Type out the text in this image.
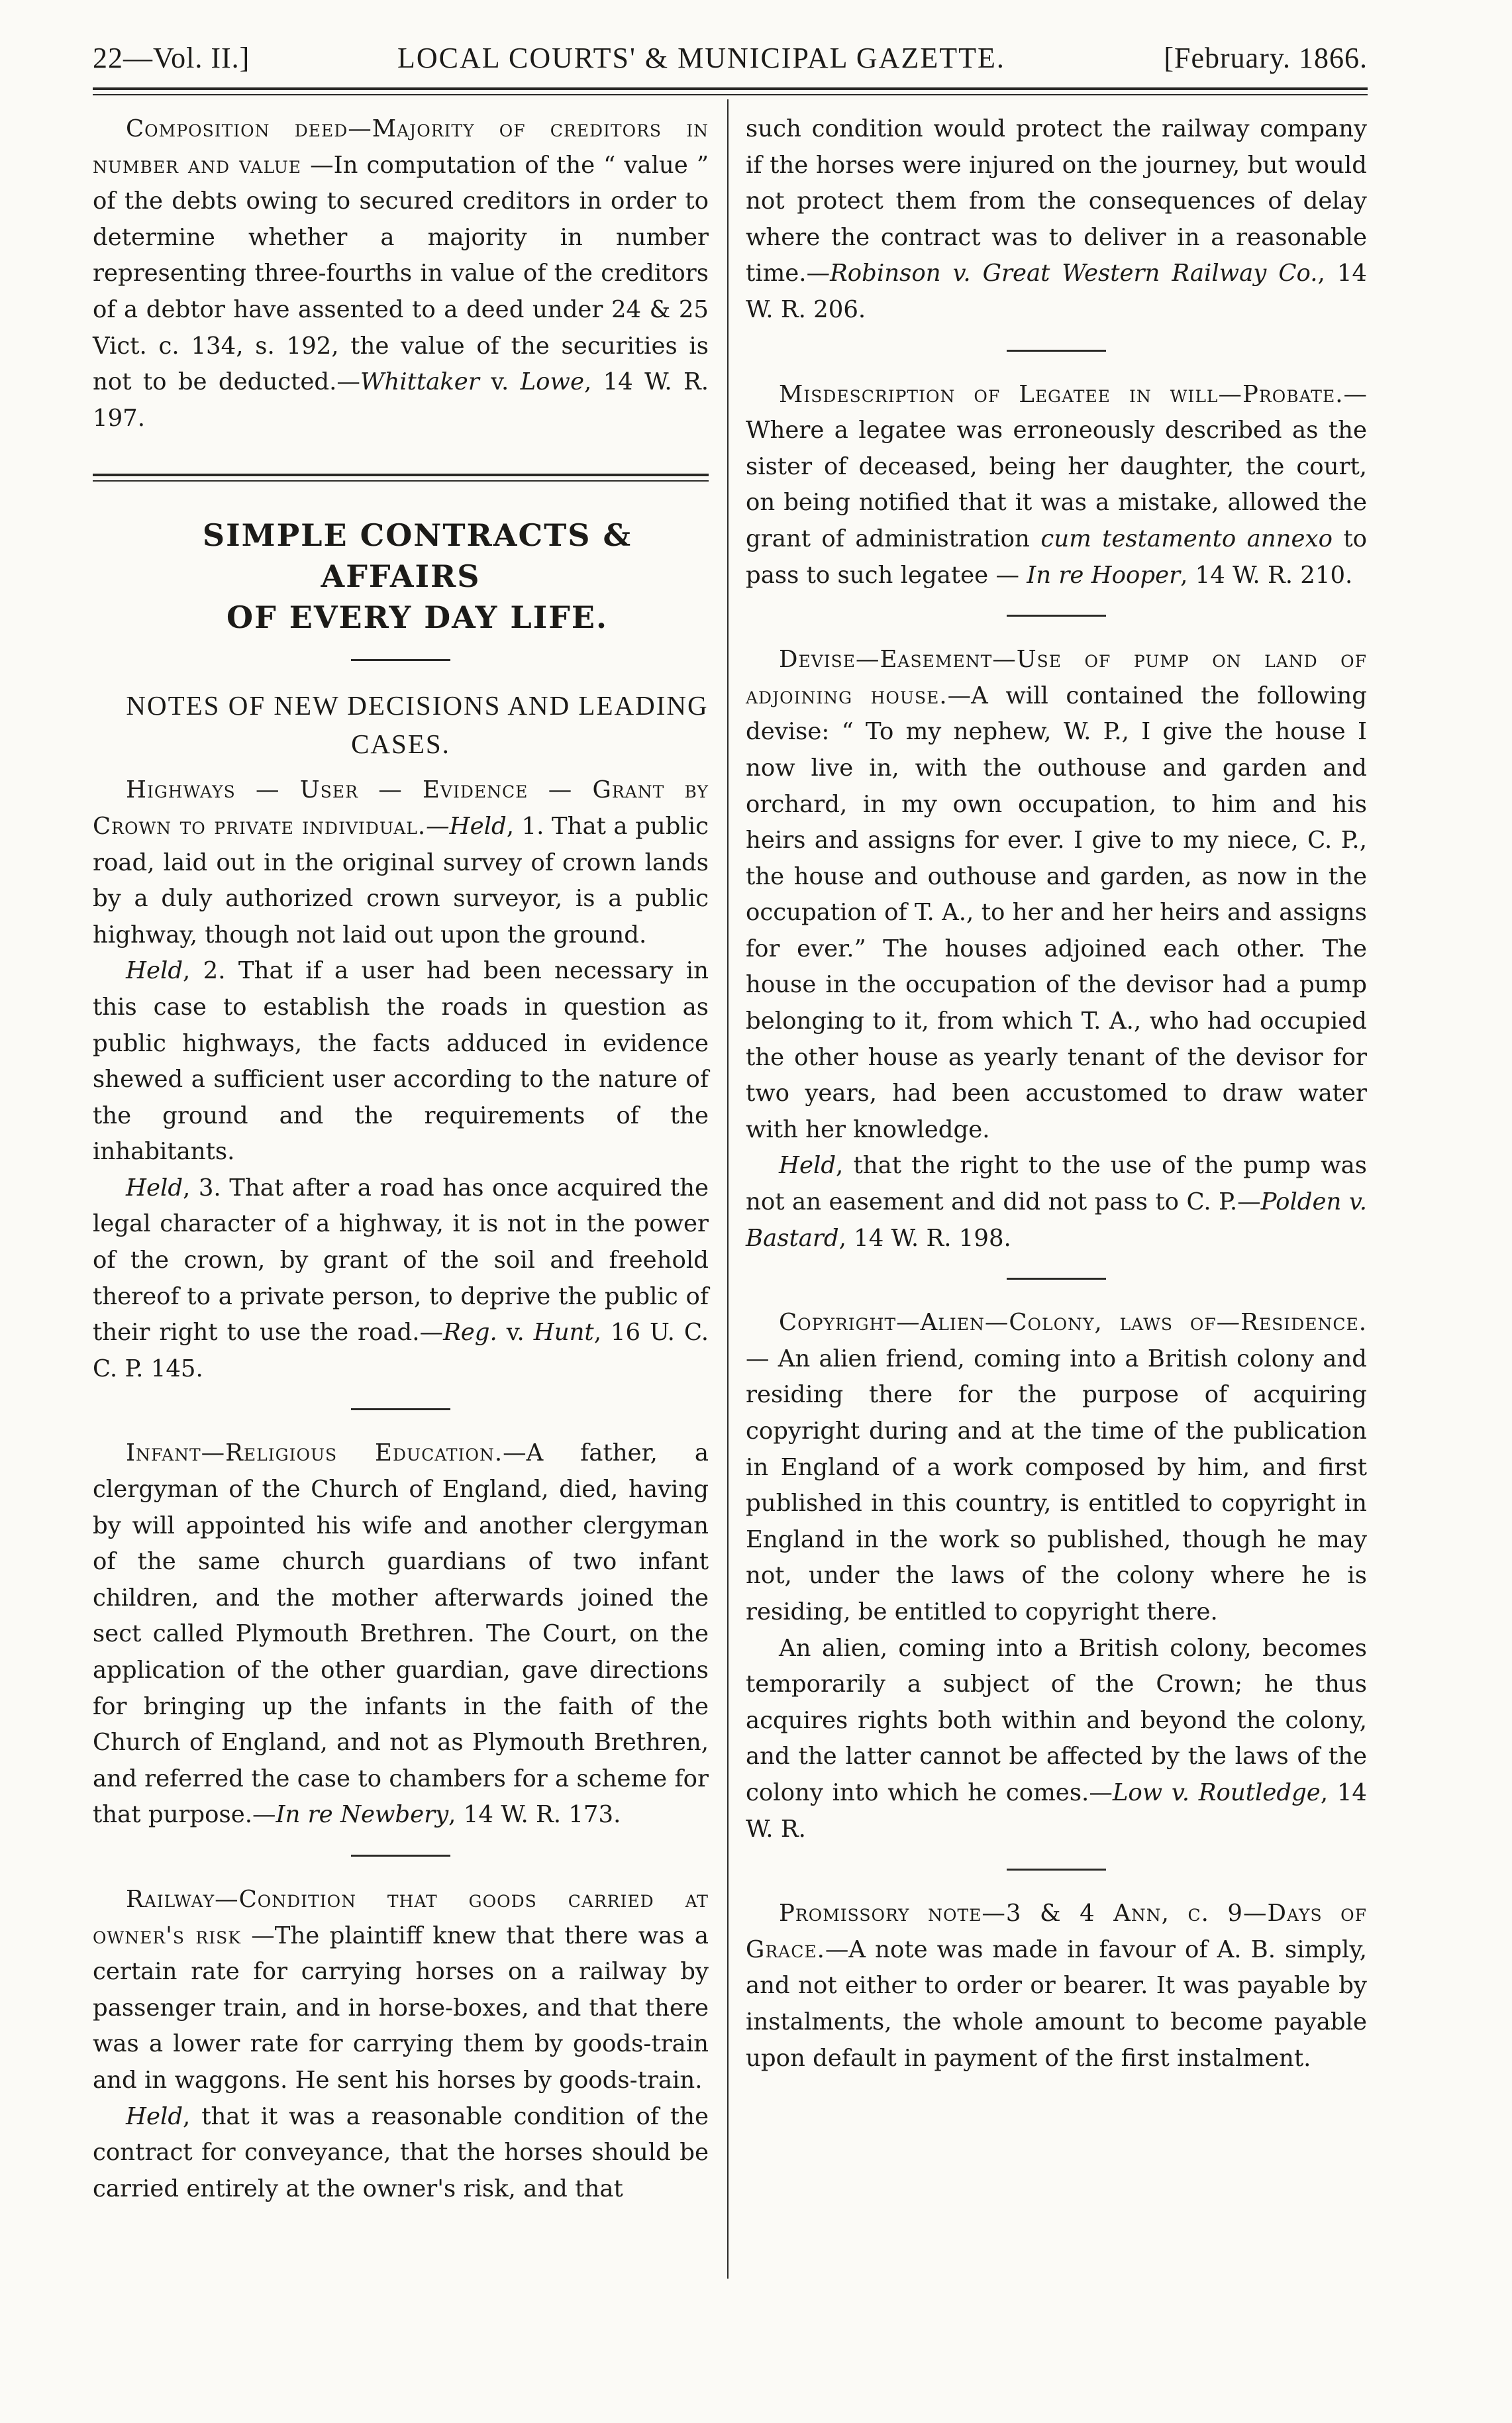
22—Vol. II.]	LOCAL COURTS' & MUNICIPAL GAZETTE.	[February. 1866.

Composition deed—Majority of creditors in number and value —In computation of the “ value ” of the debts owing to secured creditors in order to determine whether a majority in number representing three-fourths in value of the creditors of a debtor have assented to a deed under 24 & 25 Vict. c. 134, s. 192, the value of the securities is not to be deducted.—Whittaker v. Lowe, 14 W. R. 197.

SIMPLE CONTRACTS & AFFAIRS

OF EVERY DAY LIFE.

NOTES OF NEW DECISIONS AND LEADING CASES.

Highways — User — Evidence — Grant by Crown to private individual.—Held, 1. That a public road, laid out in the original survey of crown lands by a duly authorized crown surveyor, is a public highway, though not laid out upon the ground.

Held, 2. That if a user had been necessary in this case to establish the roads in question as public highways, the facts adduced in evidence shewed a sufficient user according to the nature of the ground and the requirements of the inhabitants.

Held, 3. That after a road has once acquired the legal character of a highway, it is not in the power of the crown, by grant of the soil and freehold thereof to a private person, to deprive the public of their right to use the road.—Reg. v. Hunt, 16 U. C. C. P. 145.

Infant—Religious Education.—A father, a clergyman of the Church of England, died, having by will appointed his wife and another clergyman of the same church guardians of two infant children, and the mother afterwards joined the sect called Plymouth Brethren. The Court, on the application of the other guardian, gave directions for bringing up the infants in the faith of the Church of England, and not as Plymouth Brethren, and referred the case to chambers for a scheme for that purpose.—In re Newbery, 14 W. R. 173.

Railway—Condition that goods carried at owner's risk —The plaintiff knew that there was a certain rate for carrying horses on a railway by passenger train, and in horse-boxes, and that there was a lower rate for carrying them by goods-train and in waggons. He sent his horses by goods-train.

Held, that it was a reasonable condition of the contract for conveyance, that the horses should be carried entirely at the owner's risk, and that

such condition would protect the railway company if the horses were injured on the journey, but would not protect them from the consequences of delay where the contract was to deliver in a reasonable time.—Robinson v. Great Western Railway Co., 14 W. R. 206.

Misdescription of Legatee in will—Probate.—Where a legatee was erroneously described as the sister of deceased, being her daughter, the court, on being notified that it was a mistake, allowed the grant of administration cum testamento annexo to pass to such legatee — In re Hooper, 14 W. R. 210.

Devise—Easement—Use of pump on land of adjoining house.—A will contained the following devise: “ To my nephew, W. P., I give the house I now live in, with the outhouse and garden and orchard, in my own occupation, to him and his heirs and assigns for ever. I give to my niece, C. P., the house and outhouse and garden, as now in the occupation of T. A., to her and her heirs and assigns for ever.” The houses adjoined each other. The house in the occupation of the devisor had a pump belonging to it, from which T. A., who had occupied the other house as yearly tenant of the devisor for two years, had been accustomed to draw water with her knowledge.

Held, that the right to the use of the pump was not an easement and did not pass to C. P.—Polden v. Bastard, 14 W. R. 198.

Copyright—Alien—Colony, laws of—Residence.— An alien friend, coming into a British colony and residing there for the purpose of acquiring copyright during and at the time of the publication in England of a work composed by him, and first published in this country, is entitled to copyright in England in the work so published, though he may not, under the laws of the colony where he is residing, be entitled to copyright there.

An alien, coming into a British colony, becomes temporarily a subject of the Crown; he thus acquires rights both within and beyond the colony, and the latter cannot be affected by the laws of the colony into which he comes.—Low v. Routledge, 14 W. R.

Promissory note—3 & 4 Ann, c. 9—Days of Grace.—A note was made in favour of A. B. simply, and not either to order or bearer. It was payable by instalments, the whole amount to become payable upon default in payment of the first instalment.
